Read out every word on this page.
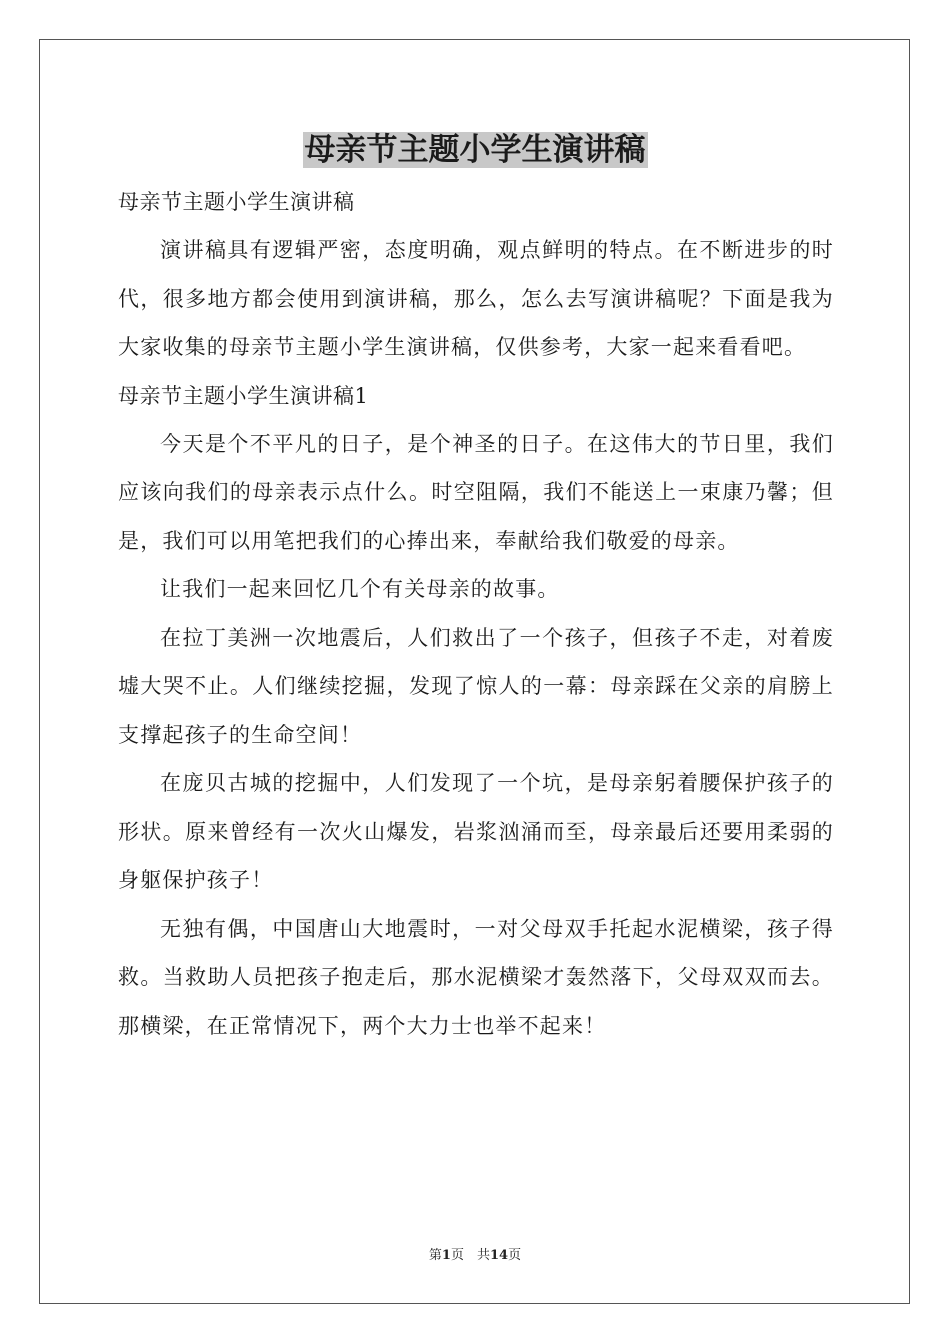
母亲节主题小学生演讲稿

母亲节主题小学生演讲稿

演讲稿具有逻辑严密，态度明确，观点鲜明的特点。在不断进步的时代，很多地方都会使用到演讲稿，那么，怎么去写演讲稿呢？下面是我为大家收集的母亲节主题小学生演讲稿，仅供参考，大家一起来看看吧。

母亲节主题小学生演讲稿1

今天是个不平凡的日子，是个神圣的日子。在这伟大的节日里，我们应该向我们的母亲表示点什么。时空阻隔，我们不能送上一束康乃馨；但是，我们可以用笔把我们的心捧出来，奉献给我们敬爱的母亲。

让我们一起来回忆几个有关母亲的故事。

在拉丁美洲一次地震后，人们救出了一个孩子，但孩子不走，对着废墟大哭不止。人们继续挖掘，发现了惊人的一幕：母亲踩在父亲的肩膀上支撑起孩子的生命空间！

在庞贝古城的挖掘中，人们发现了一个坑，是母亲躬着腰保护孩子的形状。原来曾经有一次火山爆发，岩浆汹涌而至，母亲最后还要用柔弱的身躯保护孩子！

无独有偶，中国唐山大地震时，一对父母双手托起水泥横梁，孩子得救。当救助人员把孩子抱走后，那水泥横梁才轰然落下，父母双双而去。那横梁，在正常情况下，两个大力士也举不起来！

第1页　共14页
